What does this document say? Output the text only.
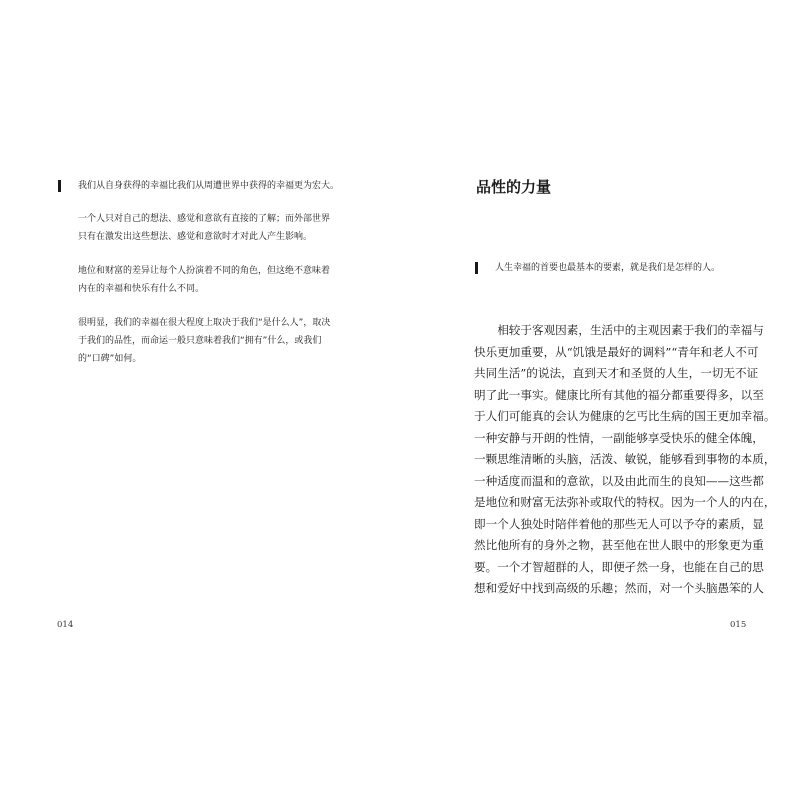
我们从自身获得的幸福比我们从周遭世界中获得的幸福更为宏大。
一个人只对自己的想法、感觉和意欲有直接的了解；而外部世界
只有在激发出这些想法、感觉和意欲时才对此人产生影响。
地位和财富的差异让每个人扮演着不同的角色，但这绝不意味着
内在的幸福和快乐有什么不同。
很明显，我们的幸福在很大程度上取决于我们“是什么人”，取决
于我们的品性，而命运一般只意味着我们“拥有”什么，或我们
的“口碑”如何。
014
品性的力量
人生幸福的首要也最基本的要素，就是我们是怎样的人。
　　相较于客观因素，生活中的主观因素于我们的幸福与
快乐更加重要，从“饥饿是最好的调料”“青年和老人不可
共同生活”的说法，直到天才和圣贤的人生，一切无不证
明了此一事实。健康比所有其他的福分都重要得多，以至
于人们可能真的会认为健康的乞丐比生病的国王更加幸福。
一种安静与开朗的性情，一副能够享受快乐的健全体魄，
一颗思维清晰的头脑，活泼、敏锐，能够看到事物的本质，
一种适度而温和的意欲，以及由此而生的良知——这些都
是地位和财富无法弥补或取代的特权。因为一个人的内在，
即一个人独处时陪伴着他的那些无人可以予夺的素质，显
然比他所有的身外之物，甚至他在世人眼中的形象更为重
要。一个才智超群的人，即便孑然一身，也能在自己的思
想和爱好中找到高级的乐趣；然而，对一个头脑愚笨的人
015
